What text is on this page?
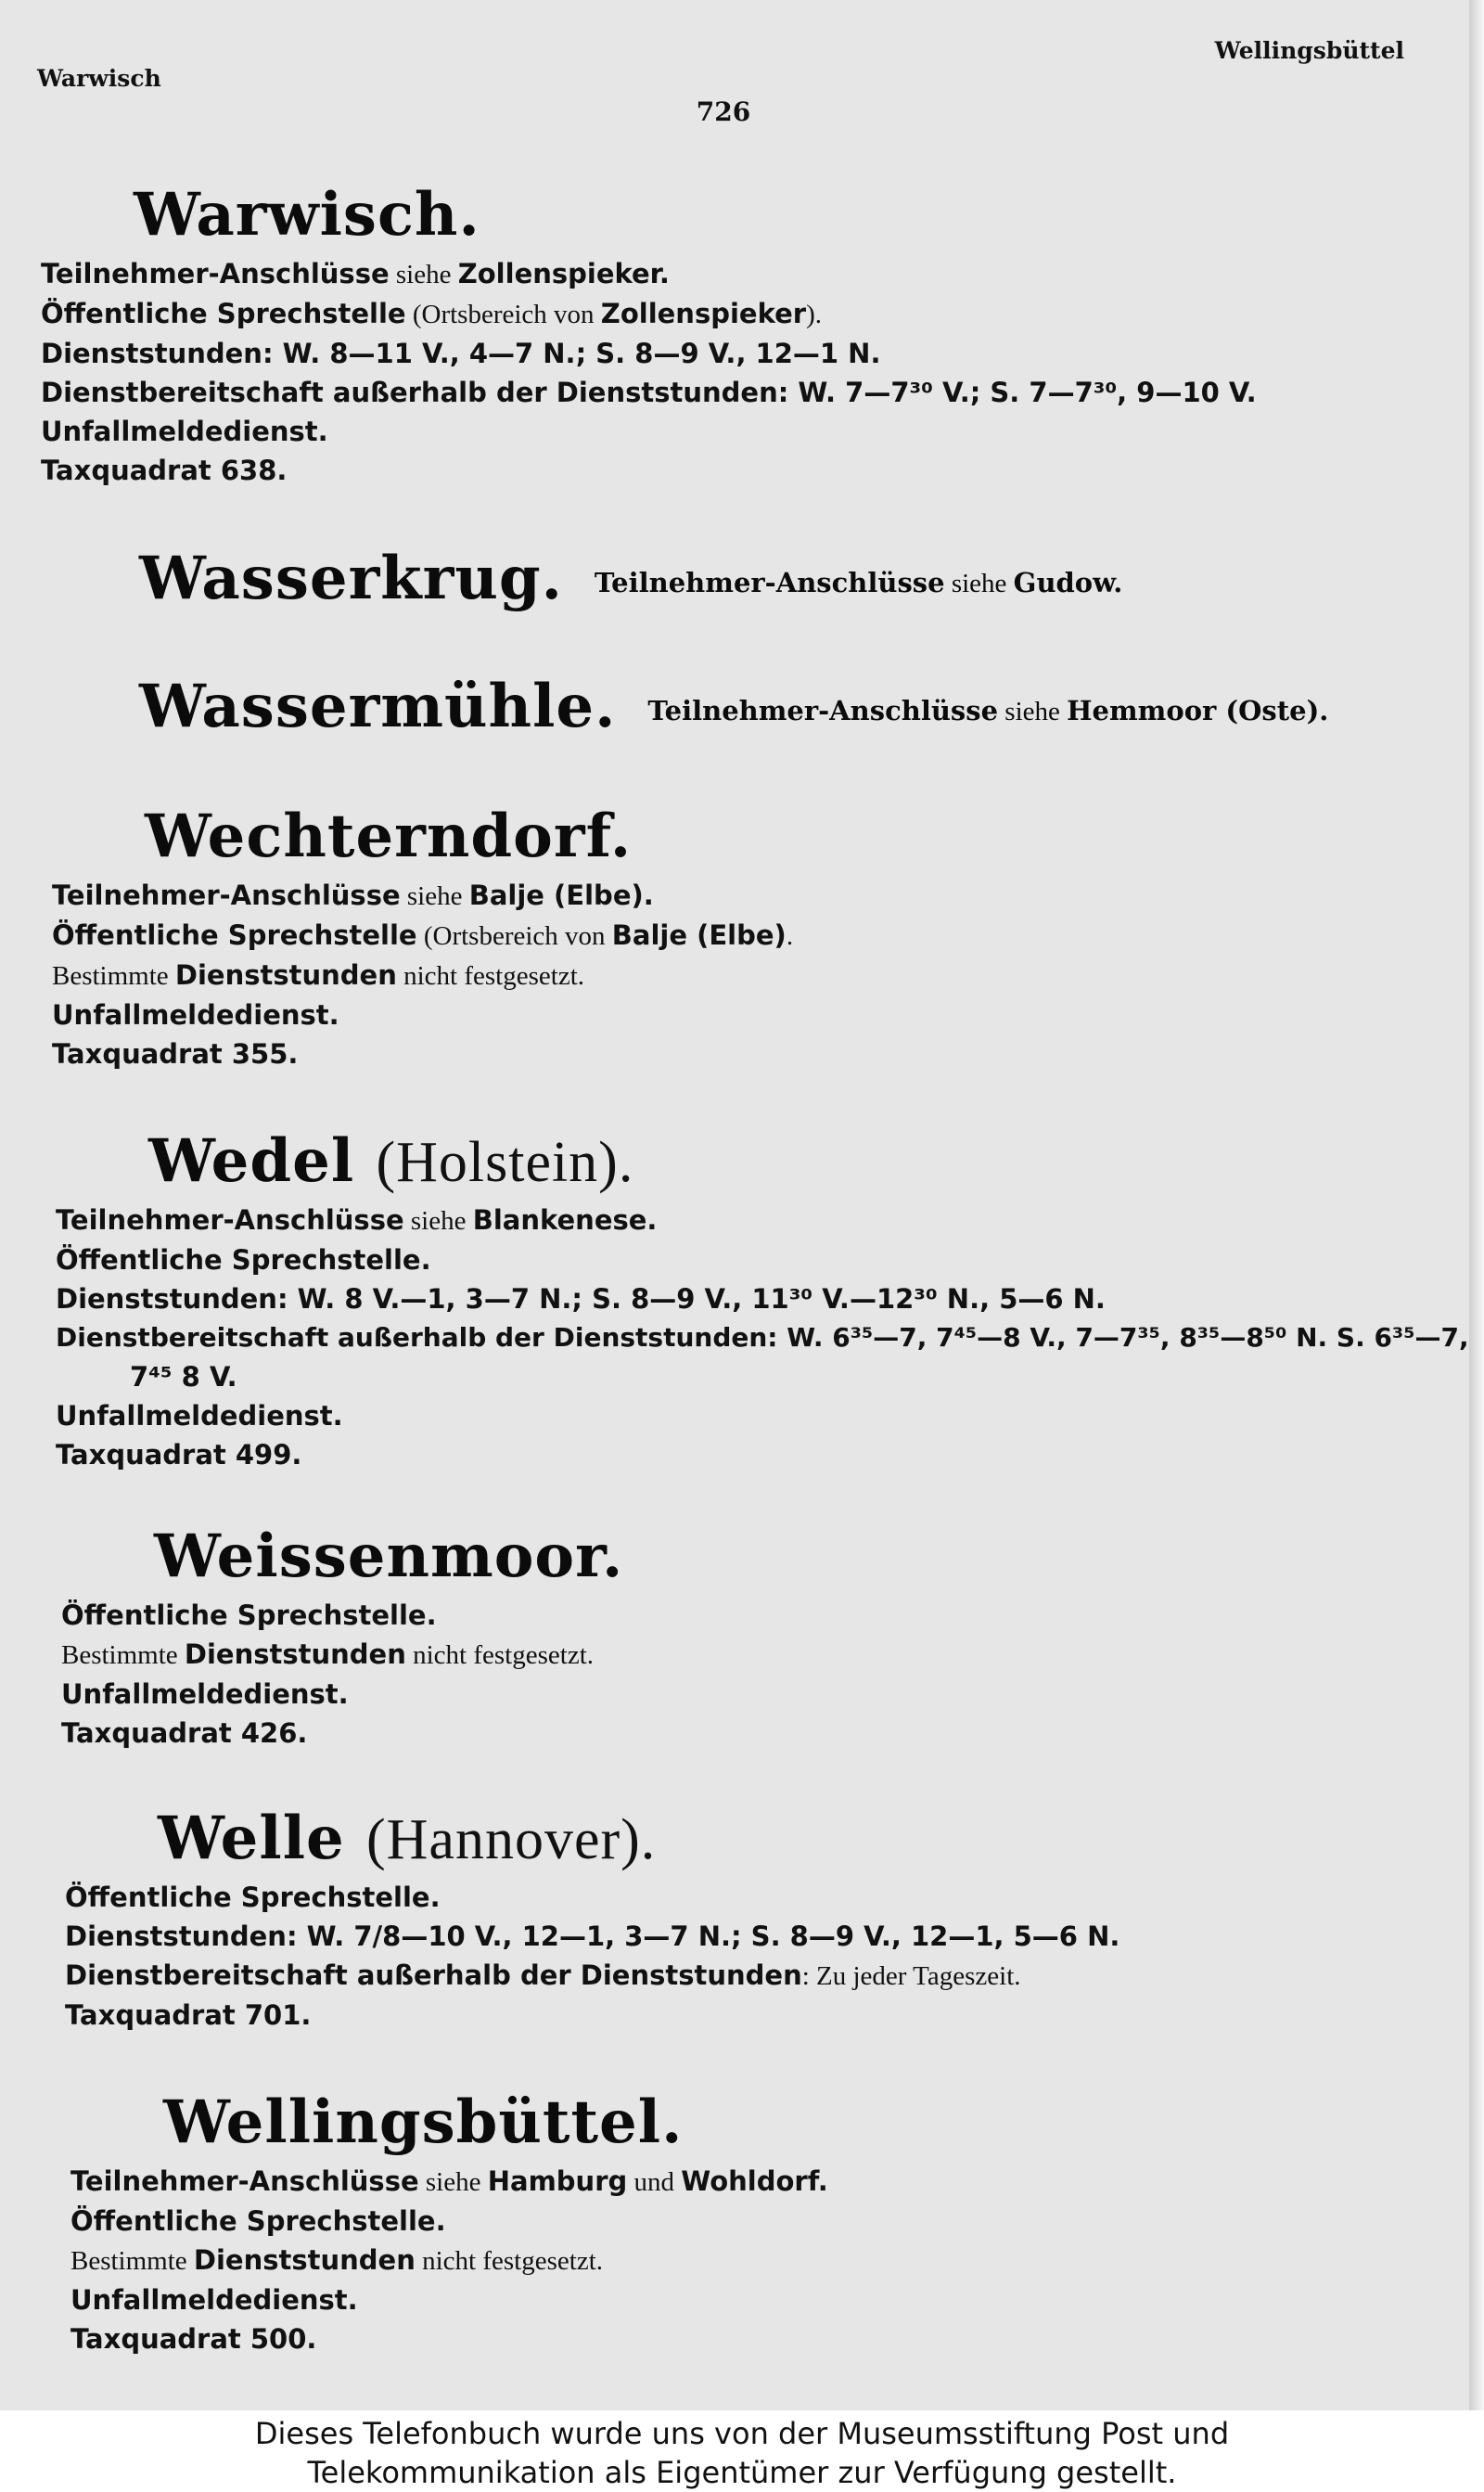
Warwisch
Wellingsbüttel
726
Warwisch.
Teilnehmer-Anschlüsse siehe Zollenspieker.
Öffentliche Sprechstelle (Ortsbereich von Zollenspieker).
Dienststunden: W. 8—11 V., 4—7 N.; S. 8—9 V., 12—1 N.
Dienstbereitschaft außerhalb der Dienststunden: W. 7—7³⁰ V.; S. 7—7³⁰, 9—10 V.
Unfallmeldedienst.
Taxquadrat 638.
Wasserkrug. Teilnehmer-Anschlüsse siehe Gudow.
Wassermühle. Teilnehmer-Anschlüsse siehe Hemmoor (Oste).
Wechterndorf.
Teilnehmer-Anschlüsse siehe Balje (Elbe).
Öffentliche Sprechstelle (Ortsbereich von Balje (Elbe).
Bestimmte Dienststunden nicht festgesetzt.
Unfallmeldedienst.
Taxquadrat 355.
Wedel (Holstein).
Teilnehmer-Anschlüsse siehe Blankenese.
Öffentliche Sprechstelle.
Dienststunden: W. 8 V.—1, 3—7 N.; S. 8—9 V., 11³⁰ V.—12³⁰ N., 5—6 N.
Dienstbereitschaft außerhalb der Dienststunden: W. 6³⁵—7, 7⁴⁵—8 V., 7—7³⁵, 8³⁵—8⁵⁰ N. S. 6³⁵—7,
7⁴⁵ 8 V.
Unfallmeldedienst.
Taxquadrat 499.
Weissenmoor.
Öffentliche Sprechstelle.
Bestimmte Dienststunden nicht festgesetzt.
Unfallmeldedienst.
Taxquadrat 426.
Welle (Hannover).
Öffentliche Sprechstelle.
Dienststunden: W. 7/8—10 V., 12—1, 3—7 N.; S. 8—9 V., 12—1, 5—6 N.
Dienstbereitschaft außerhalb der Dienststunden: Zu jeder Tageszeit.
Taxquadrat 701.
Wellingsbüttel.
Teilnehmer-Anschlüsse siehe Hamburg und Wohldorf.
Öffentliche Sprechstelle.
Bestimmte Dienststunden nicht festgesetzt.
Unfallmeldedienst.
Taxquadrat 500.
Dieses Telefonbuch wurde uns von der Museumsstiftung Post und
Telekommunikation als Eigentümer zur Verfügung gestellt.
